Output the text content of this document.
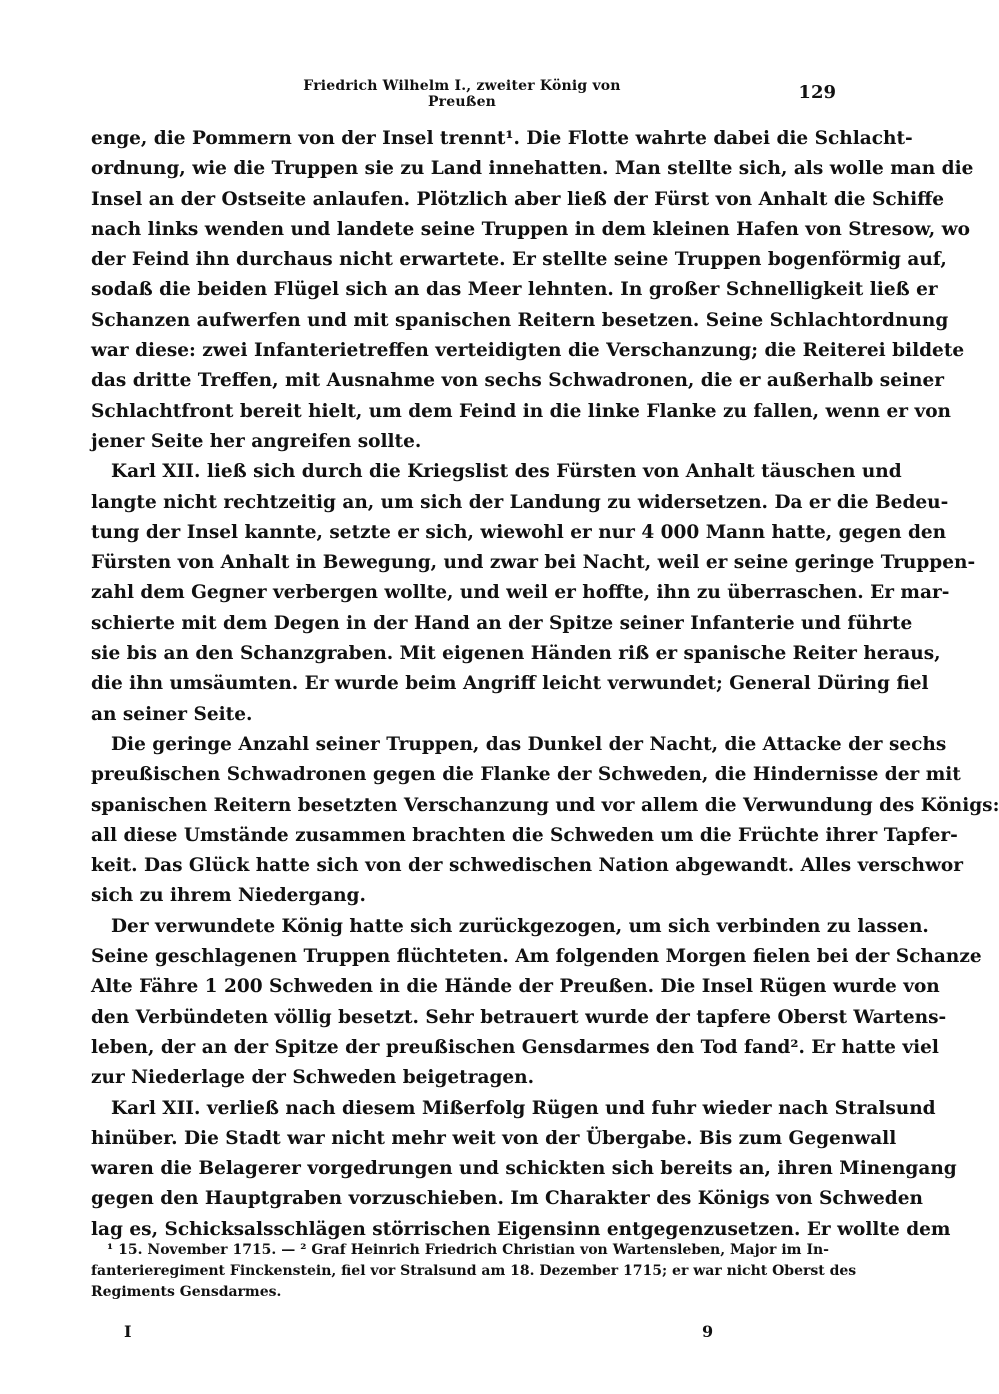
Friedrich Wilhelm I., zweiter König von Preußen	129
enge, die Pommern von der Insel trennt¹. Die Flotte wahrte dabei die Schlacht-
ordnung, wie die Truppen sie zu Land innehatten. Man stellte sich, als wolle man die
Insel an der Ostseite anlaufen. Plötzlich aber ließ der Fürst von Anhalt die Schiffe
nach links wenden und landete seine Truppen in dem kleinen Hafen von Stresow, wo
der Feind ihn durchaus nicht erwartete. Er stellte seine Truppen bogenförmig auf,
sodaß die beiden Flügel sich an das Meer lehnten. In großer Schnelligkeit ließ er
Schanzen aufwerfen und mit spanischen Reitern besetzen. Seine Schlachtordnung
war diese: zwei Infanterietreffen verteidigten die Verschanzung; die Reiterei bildete
das dritte Treffen, mit Ausnahme von sechs Schwadronen, die er außerhalb seiner
Schlachtfront bereit hielt, um dem Feind in die linke Flanke zu fallen, wenn er von
jener Seite her angreifen sollte.
Karl XII. ließ sich durch die Kriegslist des Fürsten von Anhalt täuschen und
langte nicht rechtzeitig an, um sich der Landung zu widersetzen. Da er die Bedeu-
tung der Insel kannte, setzte er sich, wiewohl er nur 4 000 Mann hatte, gegen den
Fürsten von Anhalt in Bewegung, und zwar bei Nacht, weil er seine geringe Truppen-
zahl dem Gegner verbergen wollte, und weil er hoffte, ihn zu überraschen. Er mar-
schierte mit dem Degen in der Hand an der Spitze seiner Infanterie und führte
sie bis an den Schanzgraben. Mit eigenen Händen riß er spanische Reiter heraus,
die ihn umsäumten. Er wurde beim Angriff leicht verwundet; General Düring fiel
an seiner Seite.
Die geringe Anzahl seiner Truppen, das Dunkel der Nacht, die Attacke der sechs
preußischen Schwadronen gegen die Flanke der Schweden, die Hindernisse der mit
spanischen Reitern besetzten Verschanzung und vor allem die Verwundung des Königs:
all diese Umstände zusammen brachten die Schweden um die Früchte ihrer Tapfer-
keit. Das Glück hatte sich von der schwedischen Nation abgewandt. Alles verschwor
sich zu ihrem Niedergang.
Der verwundete König hatte sich zurückgezogen, um sich verbinden zu lassen.
Seine geschlagenen Truppen flüchteten. Am folgenden Morgen fielen bei der Schanze
Alte Fähre 1 200 Schweden in die Hände der Preußen. Die Insel Rügen wurde von
den Verbündeten völlig besetzt. Sehr betrauert wurde der tapfere Oberst Wartens-
leben, der an der Spitze der preußischen Gensdarmes den Tod fand². Er hatte viel
zur Niederlage der Schweden beigetragen.
Karl XII. verließ nach diesem Mißerfolg Rügen und fuhr wieder nach Stralsund
hinüber. Die Stadt war nicht mehr weit von der Übergabe. Bis zum Gegenwall
waren die Belagerer vorgedrungen und schickten sich bereits an, ihren Minengang
gegen den Hauptgraben vorzuschieben. Im Charakter des Königs von Schweden
lag es, Schicksalsschlägen störrischen Eigensinn entgegenzusetzen. Er wollte dem
¹ 15. November 1715. — ² Graf Heinrich Friedrich Christian von Wartensleben, Major im In-
fanterieregiment Finckenstein, fiel vor Stralsund am 18. Dezember 1715; er war nicht Oberst des
Regiments Gensdarmes.
I	9
